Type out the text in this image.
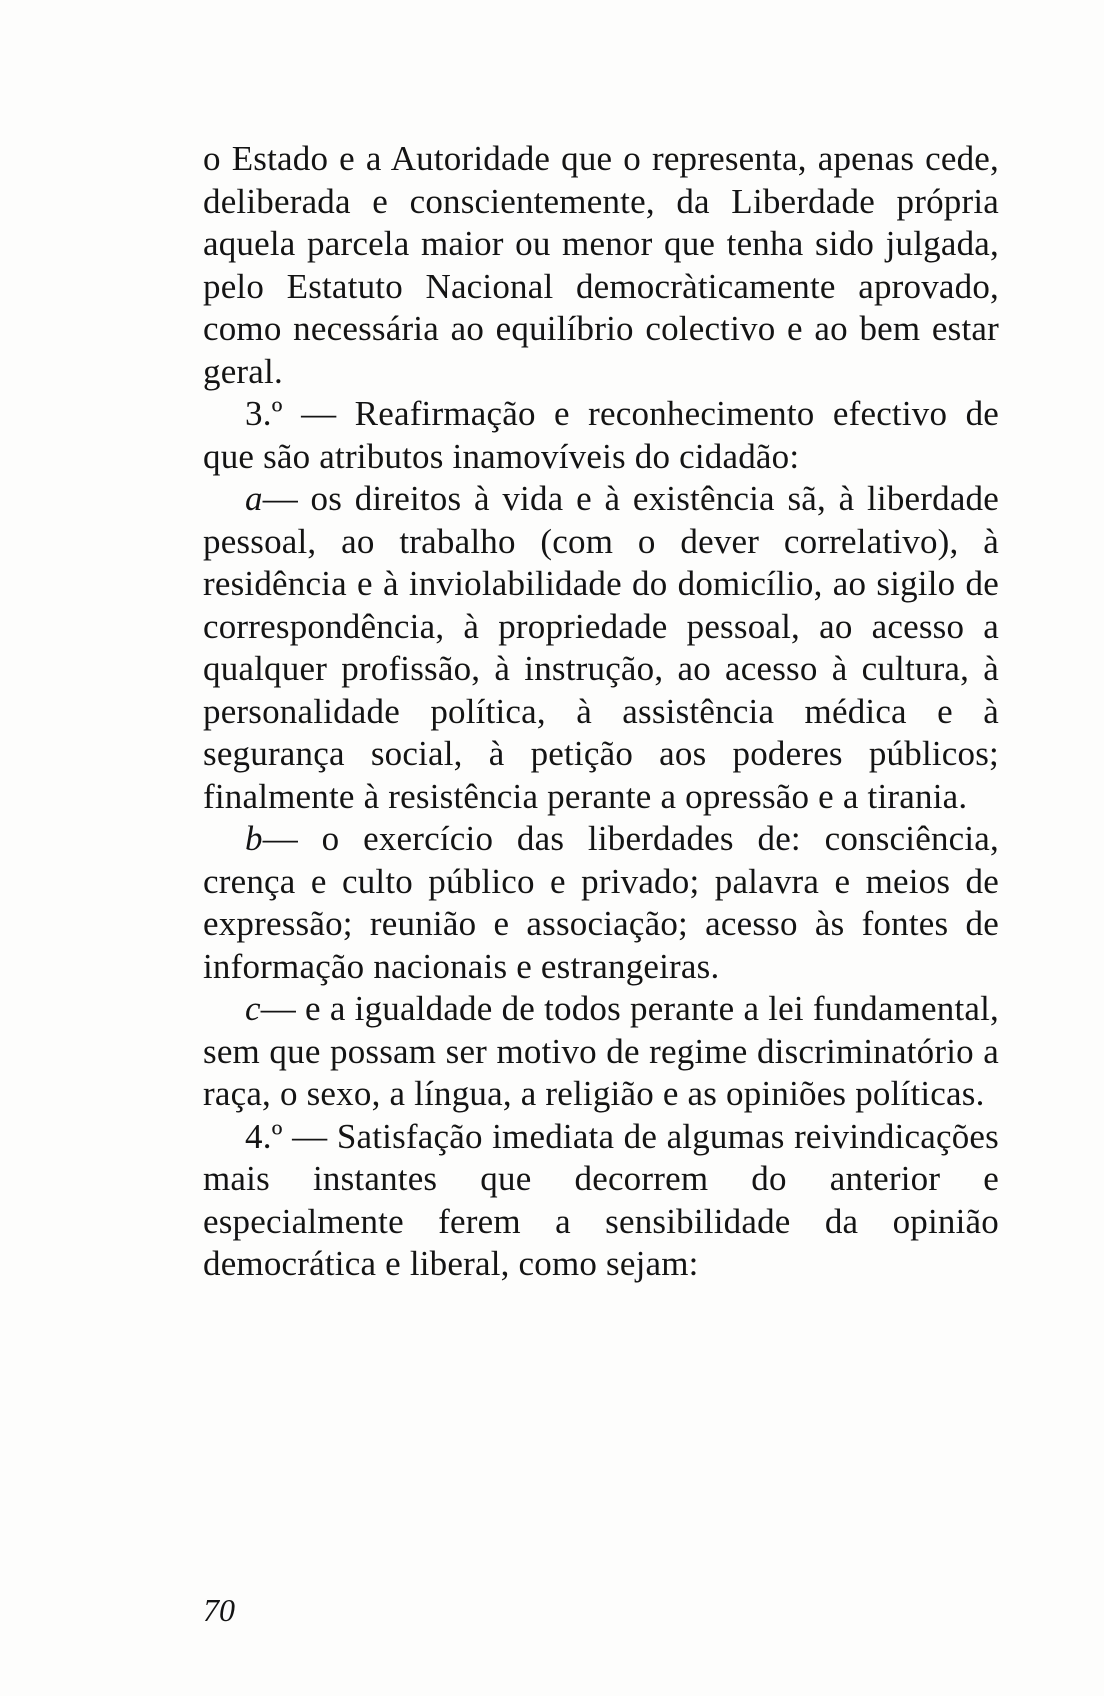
o Estado e a Autoridade que o representa, apenas cede, deliberada e conscientemente, da Liberdade própria aquela parcela maior ou menor que tenha sido julgada, pelo Estatuto Nacional democràticamente aprovado, como necessária ao equilíbrio colectivo e ao bem estar geral.

3.º — Reafirmação e reconhecimento efectivo de que são atributos inamovíveis do cidadão:

a— os direitos à vida e à existência sã, à liberdade pessoal, ao trabalho (com o dever correlativo), à residência e à inviolabilidade do domicílio, ao sigilo de correspondência, à propriedade pessoal, ao acesso a qualquer profissão, à instrução, ao acesso à cultura, à personalidade política, à assistência médica e à segurança social, à petição aos poderes públicos; finalmente à resistência perante a opressão e a tirania.

b— o exercício das liberdades de: consciência, crença e culto público e privado; palavra e meios de expressão; reunião e associação; acesso às fontes de informação nacionais e estrangeiras.

c— e a igualdade de todos perante a lei fundamental, sem que possam ser motivo de regime discriminatório a raça, o sexo, a língua, a religião e as opiniões políticas.

4.º — Satisfação imediata de algumas reivindicações mais instantes que decorrem do anterior e especialmente ferem a sensibilidade da opinião democrática e liberal, como sejam:

70
